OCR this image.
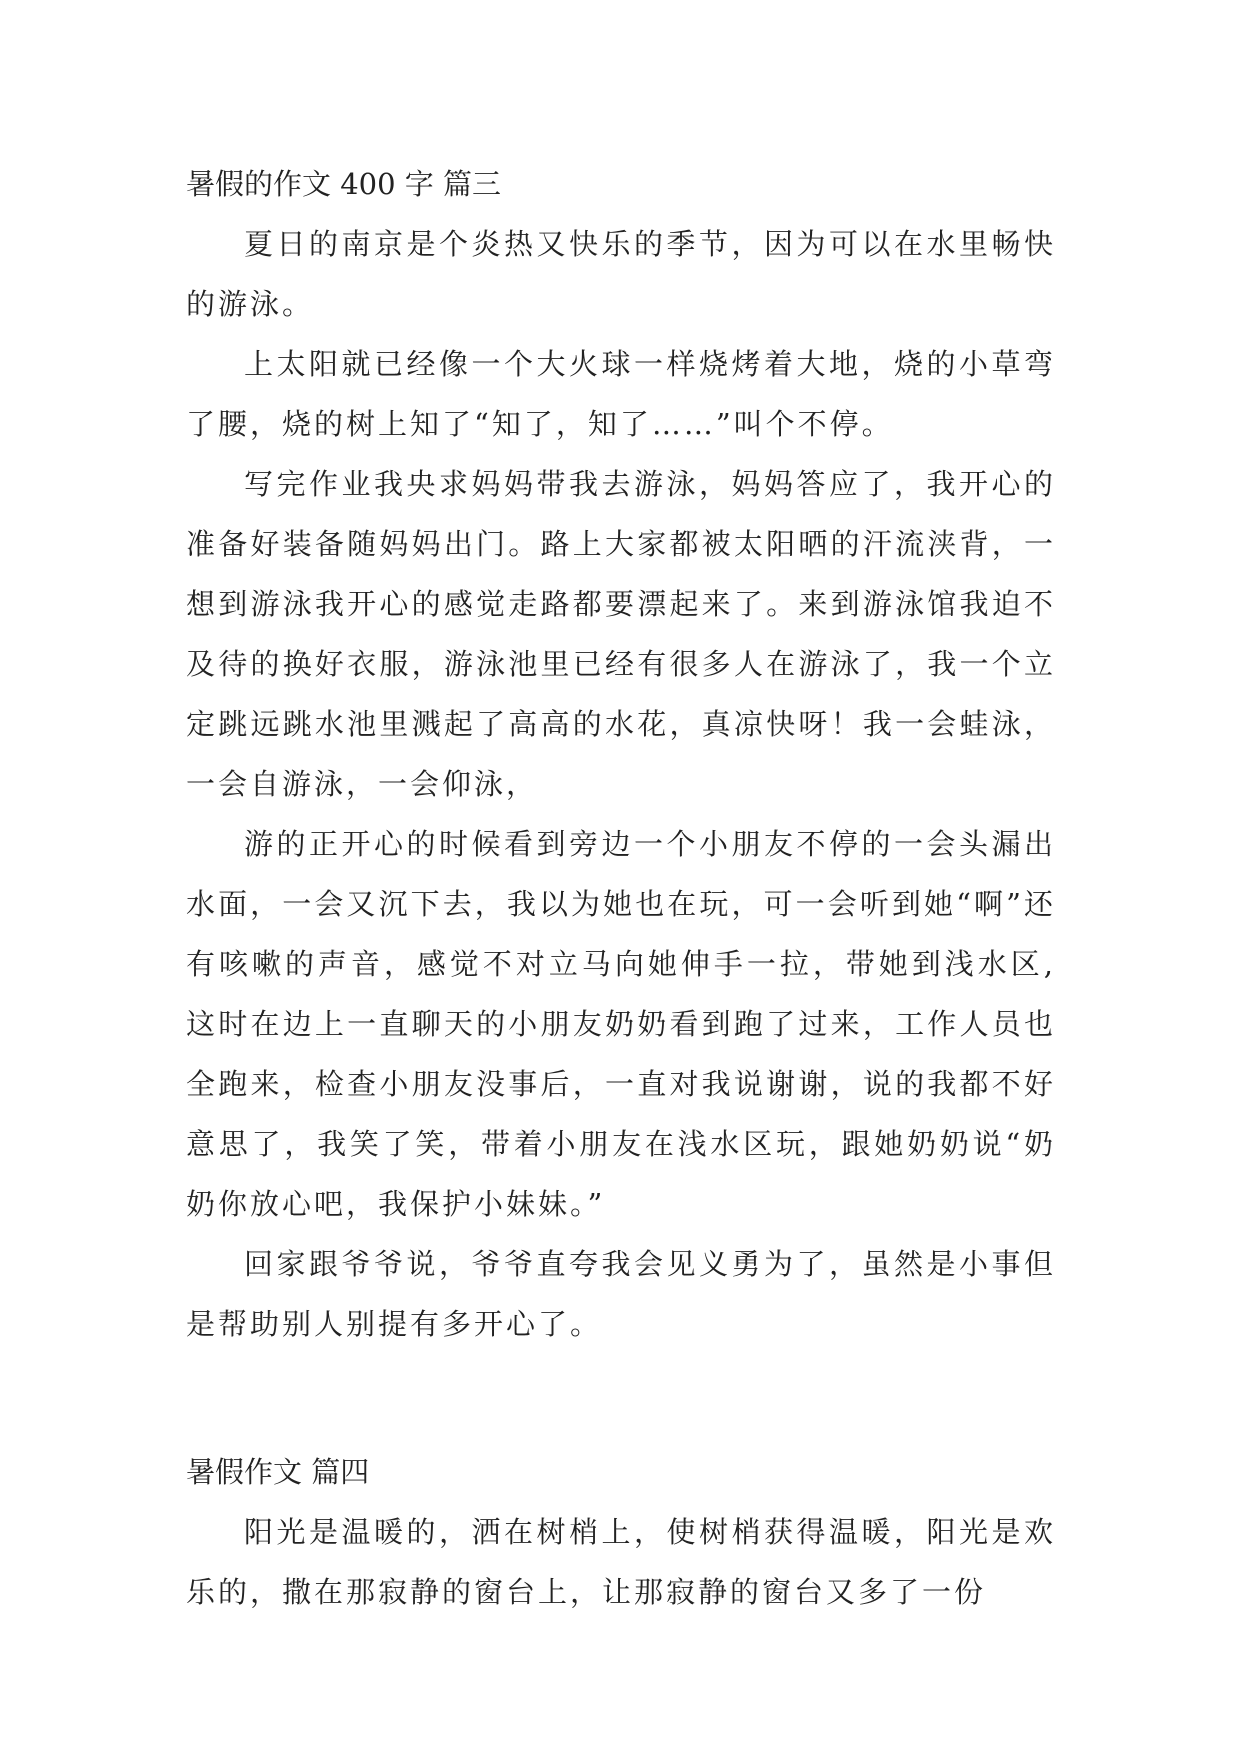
暑假的作文 400 字 篇三

夏日的南京是个炎热又快乐的季节，因为可以在水里畅快的游泳。

上太阳就已经像一个大火球一样烧烤着大地，烧的小草弯了腰，烧的树上知了“知了，知了……”叫个不停。

写完作业我央求妈妈带我去游泳，妈妈答应了，我开心的准备好装备随妈妈出门。路上大家都被太阳晒的汗流浃背，一想到游泳我开心的感觉走路都要漂起来了。来到游泳馆我迫不及待的换好衣服，游泳池里已经有很多人在游泳了，我一个立定跳远跳水池里溅起了高高的水花，真凉快呀！我一会蛙泳，一会自游泳，一会仰泳，

游的正开心的时候看到旁边一个小朋友不停的一会头漏出水面，一会又沉下去，我以为她也在玩，可一会听到她“啊”还有咳嗽的声音，感觉不对立马向她伸手一拉，带她到浅水区,这时在边上一直聊天的小朋友奶奶看到跑了过来，工作人员也全跑来，检查小朋友没事后，一直对我说谢谢，说的我都不好意思了，我笑了笑，带着小朋友在浅水区玩，跟她奶奶说“奶奶你放心吧，我保护小妹妹。”

回家跟爷爷说，爷爷直夸我会见义勇为了，虽然是小事但是帮助别人别提有多开心了。

暑假作文 篇四

阳光是温暖的，洒在树梢上，使树梢获得温暖，阳光是欢乐的，撒在那寂静的窗台上，让那寂静的窗台又多了一份
